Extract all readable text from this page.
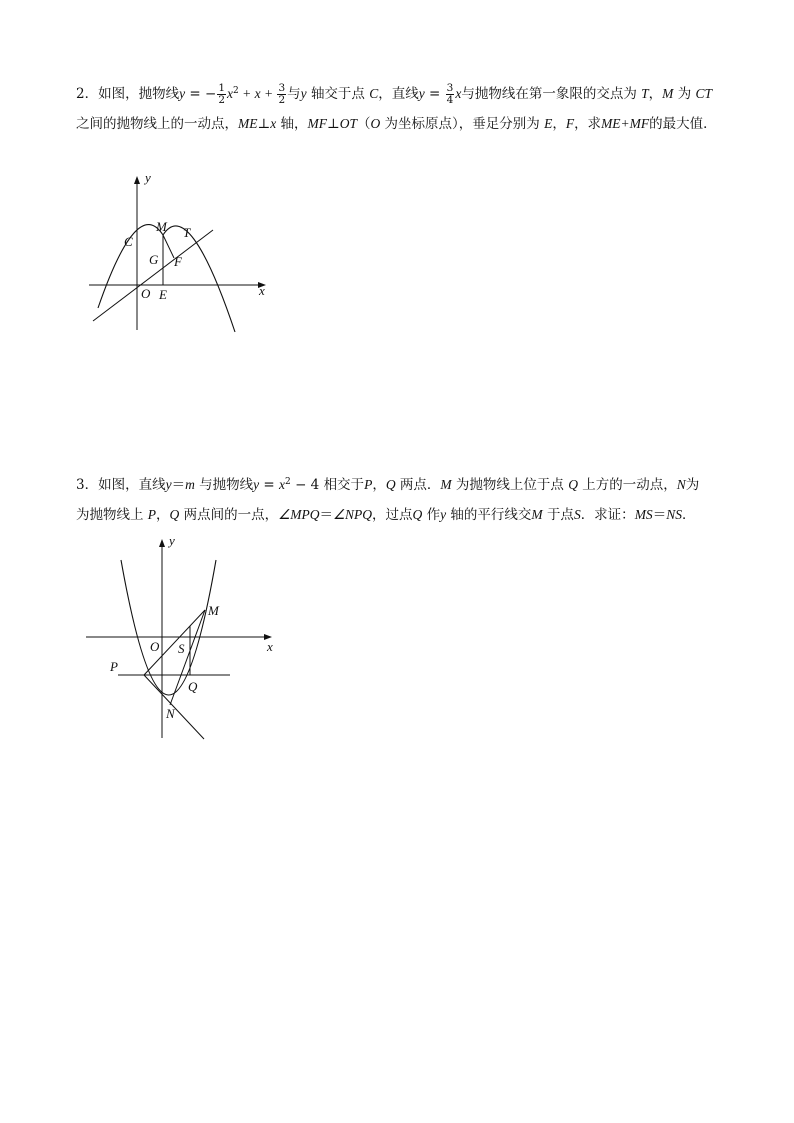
2．如图，抛物线y = − $\frac{1}{2} x^2 + x + \frac{3}{2}$ 与y 轴交于点 C，直线$y = \frac{3}{4}$ x与抛物线在第一象限的交点为 T，M 为 CT
之间的抛物线上的一动点，ME⊥x 轴，MF⊥OT（O 为坐标原点），垂足分别为 E，F，求ME+MF的最大值．
y
x
C
M T
G F
O E
3．如图，直线y＝m 与抛物线$y = x^2 - 4$ 相交于P，Q 两点．M 为抛物线上位于点 Q 上方的一动点，N为
为抛物线上 P，Q 两点间的一点，∠MPQ＝∠NPQ，过点Q 作y 轴的平行线交M 于点S．求证：MS＝NS．
y
x
M
O S
P
Q
N
